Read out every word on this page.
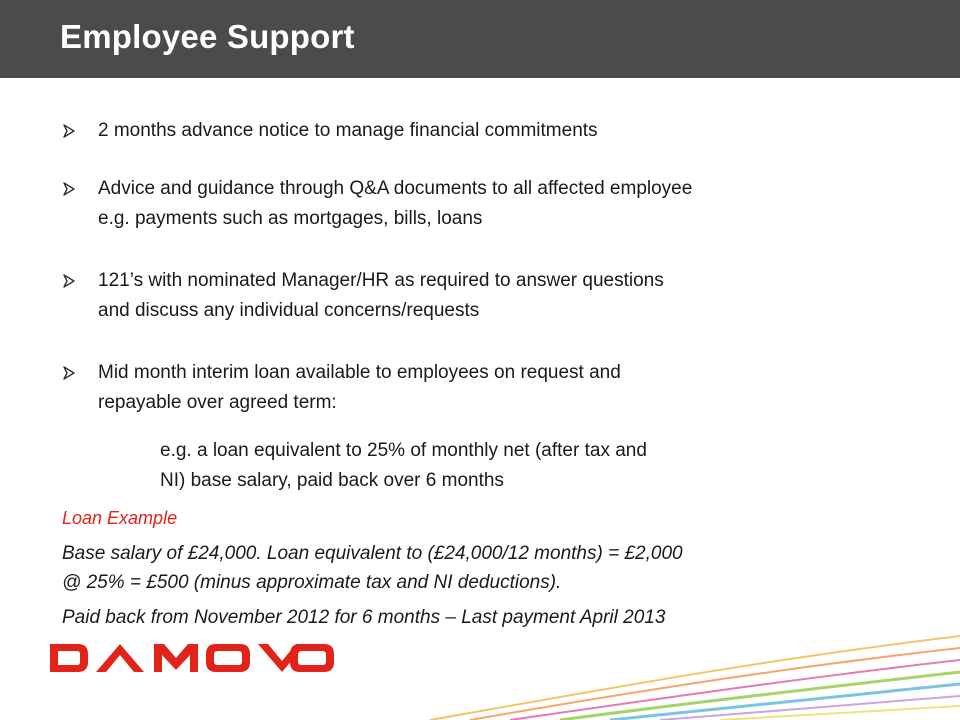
Employee Support
2 months advance notice to manage financial commitments
Advice and guidance through Q&A documents to all affected employee
e.g. payments such as mortgages, bills, loans
121’s with nominated Manager/HR as required to answer questions
and discuss any individual concerns/requests
Mid month interim loan available to employees on request and
repayable over agreed term:
e.g. a loan equivalent to 25% of monthly net (after tax and
NI) base salary, paid back over 6 months
Loan Example
Base salary of £24,000. Loan equivalent to (£24,000/12 months) = £2,000
@ 25% = £500 (minus approximate tax and NI deductions).
Paid back from November 2012 for 6 months – Last payment April 2013
